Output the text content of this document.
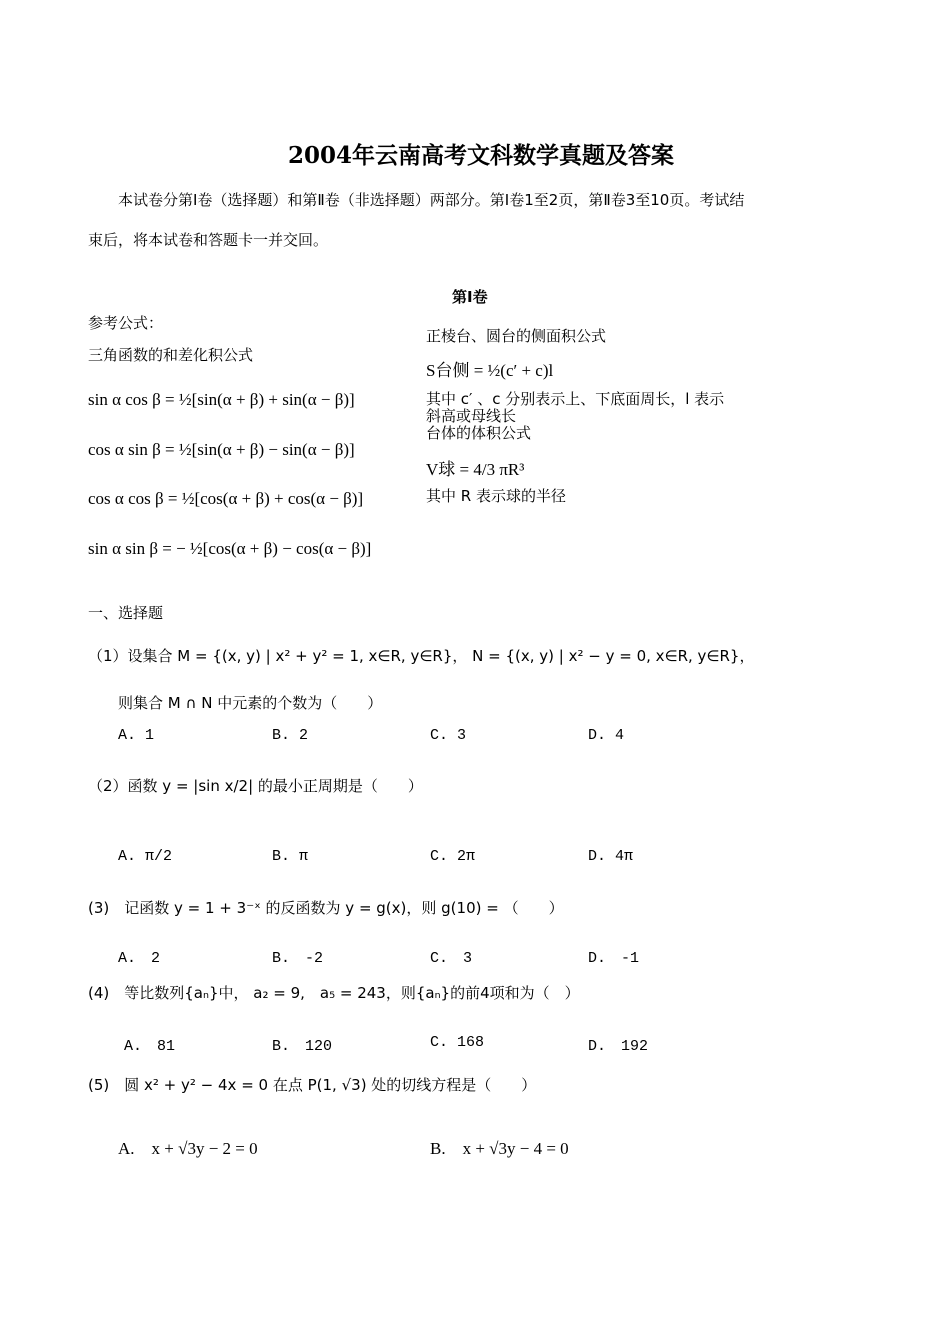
2004年云南高考文科数学真题及答案
本试卷分第Ⅰ卷（选择题）和第Ⅱ卷（非选择题）两部分。第Ⅰ卷1至2页，第Ⅱ卷3至10页。考试结
束后，将本试卷和答题卡一并交回。
第Ⅰ卷
参考公式：
三角函数的和差化积公式
sin α cos β = ½[sin(α + β) + sin(α − β)]
cos α sin β = ½[sin(α + β) − sin(α − β)]
cos α cos β = ½[cos(α + β) + cos(α − β)]
sin α sin β = − ½[cos(α + β) − cos(α − β)]
正棱台、圆台的侧面积公式
S台侧 = ½(c′ + c)l
其中 c′ 、c 分别表示上、下底面周长，l 表示
斜高或母线长
台体的体积公式
V球 = 4/3 πR³
其中 R 表示球的半径
一、选择题
（1）设集合 M = {(x, y) | x² + y² = 1, x∈R, y∈R}， N = {(x, y) | x² − y = 0, x∈R, y∈R}，
则集合 M ∩ N 中元素的个数为（　　）
A. 1	B. 2	C. 3	D. 4
（2）函数 y = |sin x/2| 的最小正周期是（　　）
A. π/2	B. π	C. 2π	D. 4π
(3)　记函数 y = 1 + 3⁻ˣ 的反函数为 y = g(x)，则 g(10) = （　　）
A.　2	B.　-2	C.　3	D.　-1
(4)　等比数列{aₙ}中， a₂ = 9,　a₅ = 243，则{aₙ}的前4项和为（　）
A.　81	B.　120	C. 168	D.　192
(5)　圆 x² + y² − 4x = 0 在点 P(1, √3) 处的切线方程是（　　）
A.　x + √3y − 2 = 0	B.　x + √3y − 4 = 0
